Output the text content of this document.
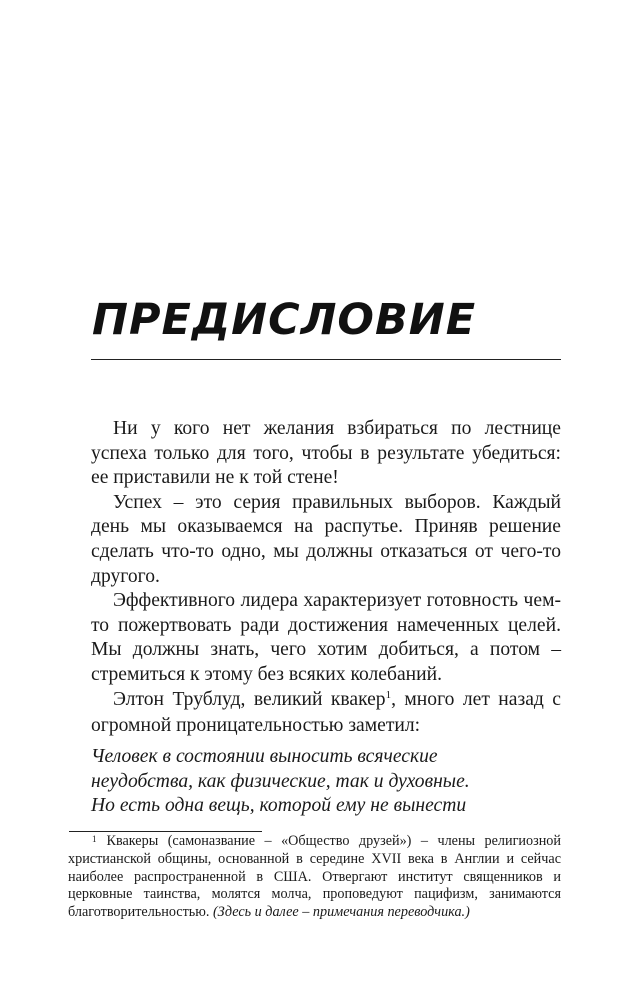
ПРЕДИСЛОВИЕ

Ни у кого нет желания взбираться по лестнице успеха только для того, чтобы в результате убедиться: ее приставили не к той стене!

Успех – это серия правильных выборов. Каждый день мы оказываемся на распутье. Приняв решение сделать что-то одно, мы должны отказаться от чего-то другого.

Эффективного лидера характеризует готовность чем-то пожертвовать ради достижения намеченных целей. Мы должны знать, чего хотим добиться, а потом – стремиться к этому без всяких колебаний.

Элтон Трублуд, великий квакер$^1$, много лет назад с огромной проницательностью заметил:

Человек в состоянии выносить всяческие
неудобства, как физические, так и духовные.
Но есть одна вещь, которой ему не вынести
$^1$ Квакеры (самоназвание – «Общество друзей») – члены религиозной христианской общины, основанной в середине XVII века в Англии и сейчас наиболее распространенной в США. Отвергают институт священников и церковные таинства, молятся молча, проповедуют пацифизм, занимаются благотворительностью. (Здесь и далее – примечания переводчика.)
